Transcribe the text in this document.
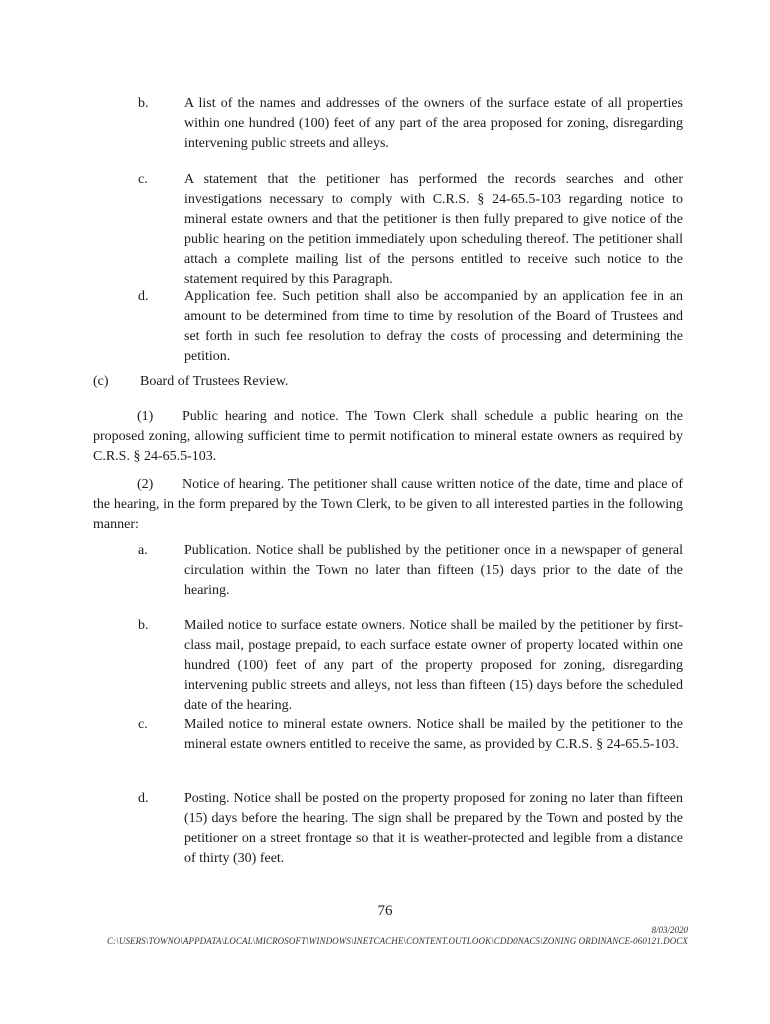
b.	A list of the names and addresses of the owners of the surface estate of all properties within one hundred (100) feet of any part of the area proposed for zoning, disregarding intervening public streets and alleys.
c.	A statement that the petitioner has performed the records searches and other investigations necessary to comply with C.R.S. § 24-65.5-103 regarding notice to mineral estate owners and that the petitioner is then fully prepared to give notice of the public hearing on the petition immediately upon scheduling thereof. The petitioner shall attach a complete mailing list of the persons entitled to receive such notice to the statement required by this Paragraph.
d.	Application fee. Such petition shall also be accompanied by an application fee in an amount to be determined from time to time by resolution of the Board of Trustees and set forth in such fee resolution to defray the costs of processing and determining the petition.
(c) Board of Trustees Review.
(1) Public hearing and notice. The Town Clerk shall schedule a public hearing on the proposed zoning, allowing sufficient time to permit notification to mineral estate owners as required by C.R.S. § 24-65.5-103.
(2) Notice of hearing. The petitioner shall cause written notice of the date, time and place of the hearing, in the form prepared by the Town Clerk, to be given to all interested parties in the following manner:
a.	Publication. Notice shall be published by the petitioner once in a newspaper of general circulation within the Town no later than fifteen (15) days prior to the date of the hearing.
b.	Mailed notice to surface estate owners. Notice shall be mailed by the petitioner by first-class mail, postage prepaid, to each surface estate owner of property located within one hundred (100) feet of any part of the property proposed for zoning, disregarding intervening public streets and alleys, not less than fifteen (15) days before the scheduled date of the hearing.
c.	Mailed notice to mineral estate owners. Notice shall be mailed by the petitioner to the mineral estate owners entitled to receive the same, as provided by C.R.S. § 24-65.5-103.
d.	Posting. Notice shall be posted on the property proposed for zoning no later than fifteen (15) days before the hearing. The sign shall be prepared by the Town and posted by the petitioner on a street frontage so that it is weather-protected and legible from a distance of thirty (30) feet.
76
8/03/2020
C:\USERS\TOWNO\APPDATA\LOCAL\MICROSOFT\WINDOWS\INETCACHE\CONTENT.OUTLOOK\CDD0NAC5\ZONING ORDINANCE-060121.DOCX
